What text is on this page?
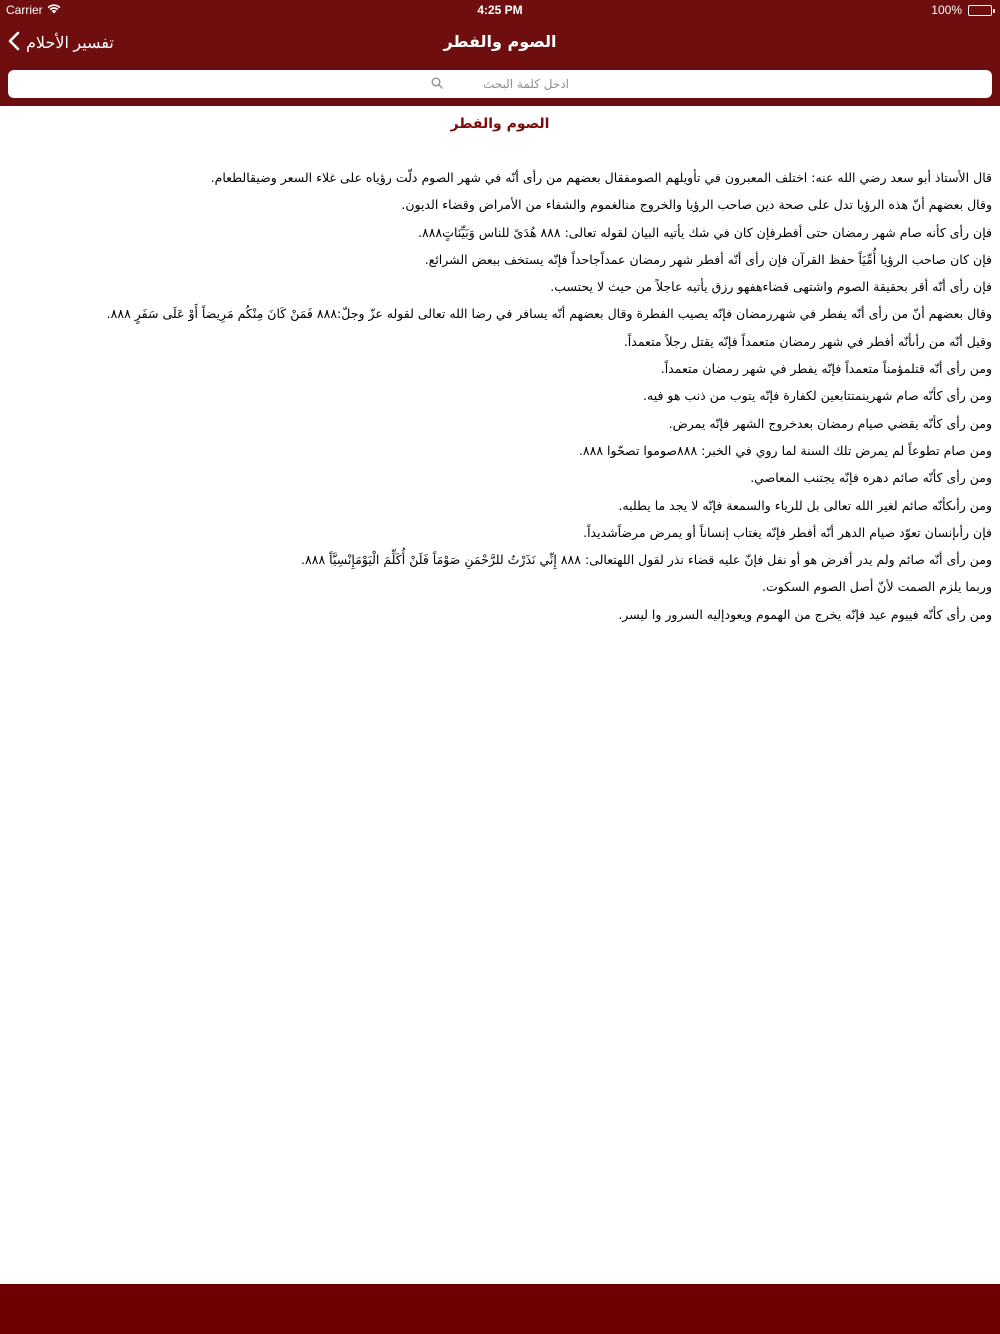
Carrier	4:25 PM	100%
تفسير الأحلام	الصوم والفطر
ادخل كلمة البحث
الصوم والفطر

قال الأستاذ أبو سعد رضي الله عنه: اختلف المعبرون في تأويلهم الصومفقال بعضهم من رأى أنّه في شهر الصوم دلّت رؤياه على غلاء السعر وضيقالطعام.

وقال بعضهم أنّ هذه الرؤيا تدل على صحة دين صاحب الرؤيا والخروج منالغموم والشفاء من الأمراض وقضاء الديون.

فإن رأى كأنه صام شهر رمضان حتى أفطرفإن كان في شك يأتيه البيان لقوله تعالى: ٨٨٨ هُدَىً للناس وَبَيِّنَاتٍ٨٨٨.

فإن كان صاحب الرؤيا أُمِّيَاً حفظ القرآن فإن رأى أنّه أفطر شهر رمضان عمداًجاحداً فإنّه يستخف ببعض الشرائع.

فإن رأى أنّه أقر بحقيقة الصوم واشتهى قضاءهفهو رزق يأتيه عاجلاً من حيث لا يحتسب.

وقال بعضهم أنّ من رأى أنّه يفطر في شهررمضان فإنّه يصيب الفطرة وقال بعضهم أنّه يسافر في رضا الله تعالى لقوله عزّ وجلّ:٨٨٨ فَمَنْ كَانَ مِنْكُم مَرِيضاً أَوْ عَلَى سَفَرٍ ٨٨٨.

وقيل أنّه من رأىأنّه أفطر في شهر رمضان متعمداً فإنّه يقتل رجلاً متعمداً.

ومن رأى أنّه قتلمؤمناً متعمداً فإنّه يفطر في شهر رمضان متعمداً.

ومن رأى كأنّه صام شهرينمتتابعين لكفارة فإنّه يتوب من ذنب هو فيه.

ومن رأى كأنّه يقضي صيام رمضان بعدخروج الشهر فإنّه يمرض.

ومن صام تطوعاً لم يمرض تلك السنة لما روي في الخبر: ٨٨٨صوموا تصحّوا ٨٨٨.

ومن رأى كأنّه صائم دهره فإنّه يجتنب المعاصي.

ومن رأىكأنّه صائم لغير الله تعالى بل للرياء والسمعة فإنّه لا يجد ما يطلبه.

فإن رأىإنسان تعوّد صيام الدهر أنّه أفطر فإنّه يغتاب إنساناً أو يمرض مرضاًشديداً.

ومن رأى أنّه صائم ولم يدر أفرض هو أو نفل فإنّ عليه قضاء نذر لقول اللهتعالى: ٨٨٨ إِنِّي نَذَرْتُ للرَّحْمَنِ صَوْمَاً فَلَنْ أُكَلِّمَ الْيَوْمَإِنْسِيَّاً ٨٨٨.

وربما يلزم الصمت لأنّ أصل الصوم السكوت.

ومن رأى كأنّه فييوم عيد فإنّه يخرج من الهموم ويعودإليه السرور وا ليسر.
